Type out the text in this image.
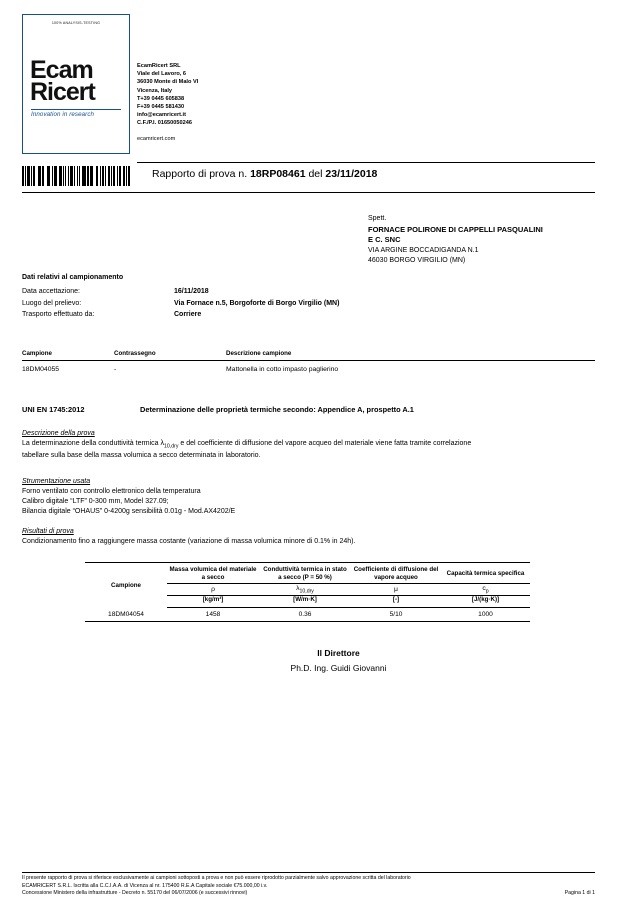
100% ANALYSIS-TESTING
Ecam
Ricert
Innovation in research
EcamRicert SRL
Viale del Lavoro, 6
36030 Monte di Malo VI
Vicenza, Italy
T+39 0445 605838
F+39 0445 581430
info@ecamricert.it
C.F./P.I. 01650050246
ecamricert.com
Rapporto di prova n. 18RP08461 del 23/11/2018
Spett.
FORNACE POLIRONE DI CAPPELLI PASQUALINI
E C. SNC
VIA ARGINE BOCCADIGANDA N.1
46030 BORGO VIRGILIO (MN)
Dati relativi al campionamento
Data accettazione:	16/11/2018
Luogo del prelievo:	Via Fornace n.5, Borgoforte di Borgo Virgilio (MN)
Trasporto effettuato da:	Corriere
Campione	Contrassegno	Descrizione campione
18DM04055	-	Mattonella in cotto impasto paglierino
UNI EN 1745:2012	Determinazione delle proprietà termiche secondo: Appendice A, prospetto A.1
Descrizione della prova

La determinazione della conduttività termica $\lambda_{10,dry}$ e del coefficiente di diffusione del vapore acqueo del materiale viene fatta tramite correlazione

tabellare sulla base della massa volumica a secco determinata in laboratorio.

Strumentazione usata

Forno ventilato con controllo elettronico della temperatura

Calibro digitale “LTF” 0-300 mm, Model 327.09;

Bilancia digitale “OHAUS” 0-4200g sensibilità 0.01g - Mod.AX4202/E

Risultati di prova

Condizionamento fino a raggiungere massa costante (variazione di massa volumica minore di 0.1% in 24h).

Campione	Massa volumica del materiale a secco	Conduttività termica in stato a secco (P = 50 %)	Coefficiente di diffusione del vapore acqueo	Capacità termica specifica
	ρ	$\lambda_{10,dry}$	μ	$c_p$
	[kg/m³]	[W/m·K]	[-]	[J/(kg·K)]
18DM04054	1458	0.36	5/10	1000
Il Direttore
Ph.D. Ing. Guidi Giovanni
Il presente rapporto di prova si riferisce esclusivamente ai campioni sottoposti a prova e non può essere riprodotto parzialmente salvo approvazione scritta del laboratorio
ECAMRICERT S.R.L. Iscritta alla C.C.I.A.A. di Vicenza al nr. 175400 R.E.A Capitale sociale €75.000,00 i.v.
Concessione Ministero della infrastrutture - Decreto n. 55170 del 06/07/2006 (e successivi rinnovi)	Pagina 1 di 1
